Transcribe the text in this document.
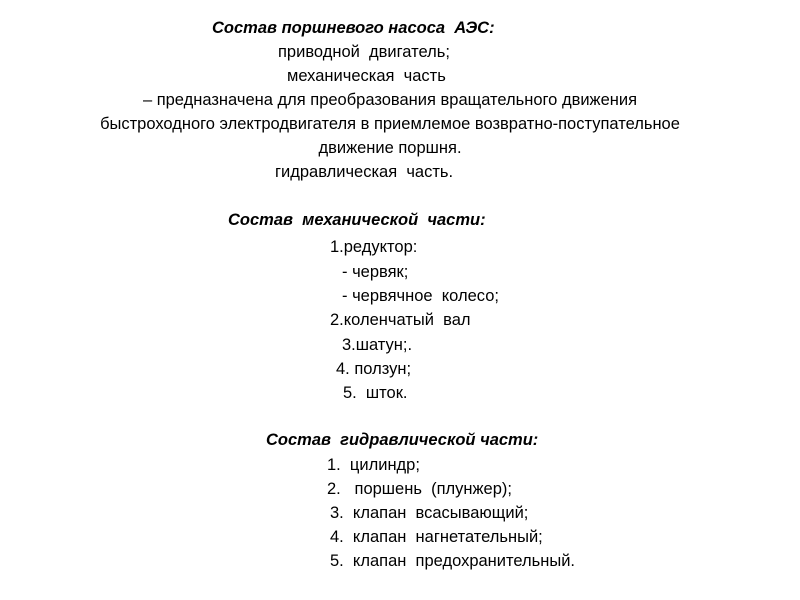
Состав поршневого насоса  АЭС:
приводной  двигатель;
механическая  часть
– предназначена для преобразования вращательного движения
быстроходного электродвигателя в приемлемое возвратно-поступательное
движение поршня.
гидравлическая  часть.
Состав  механической  части:
1.редуктор:
- червяк;
- червячное  колесо;
2.коленчатый  вал
3.шатун;.
4. ползун;
5.  шток.
Состав  гидравлической части:
1.  цилиндр;
2.   поршень  (плунжер);
3.  клапан  всасывающий;
4.  клапан  нагнетательный;
5.  клапан  предохранительный.
